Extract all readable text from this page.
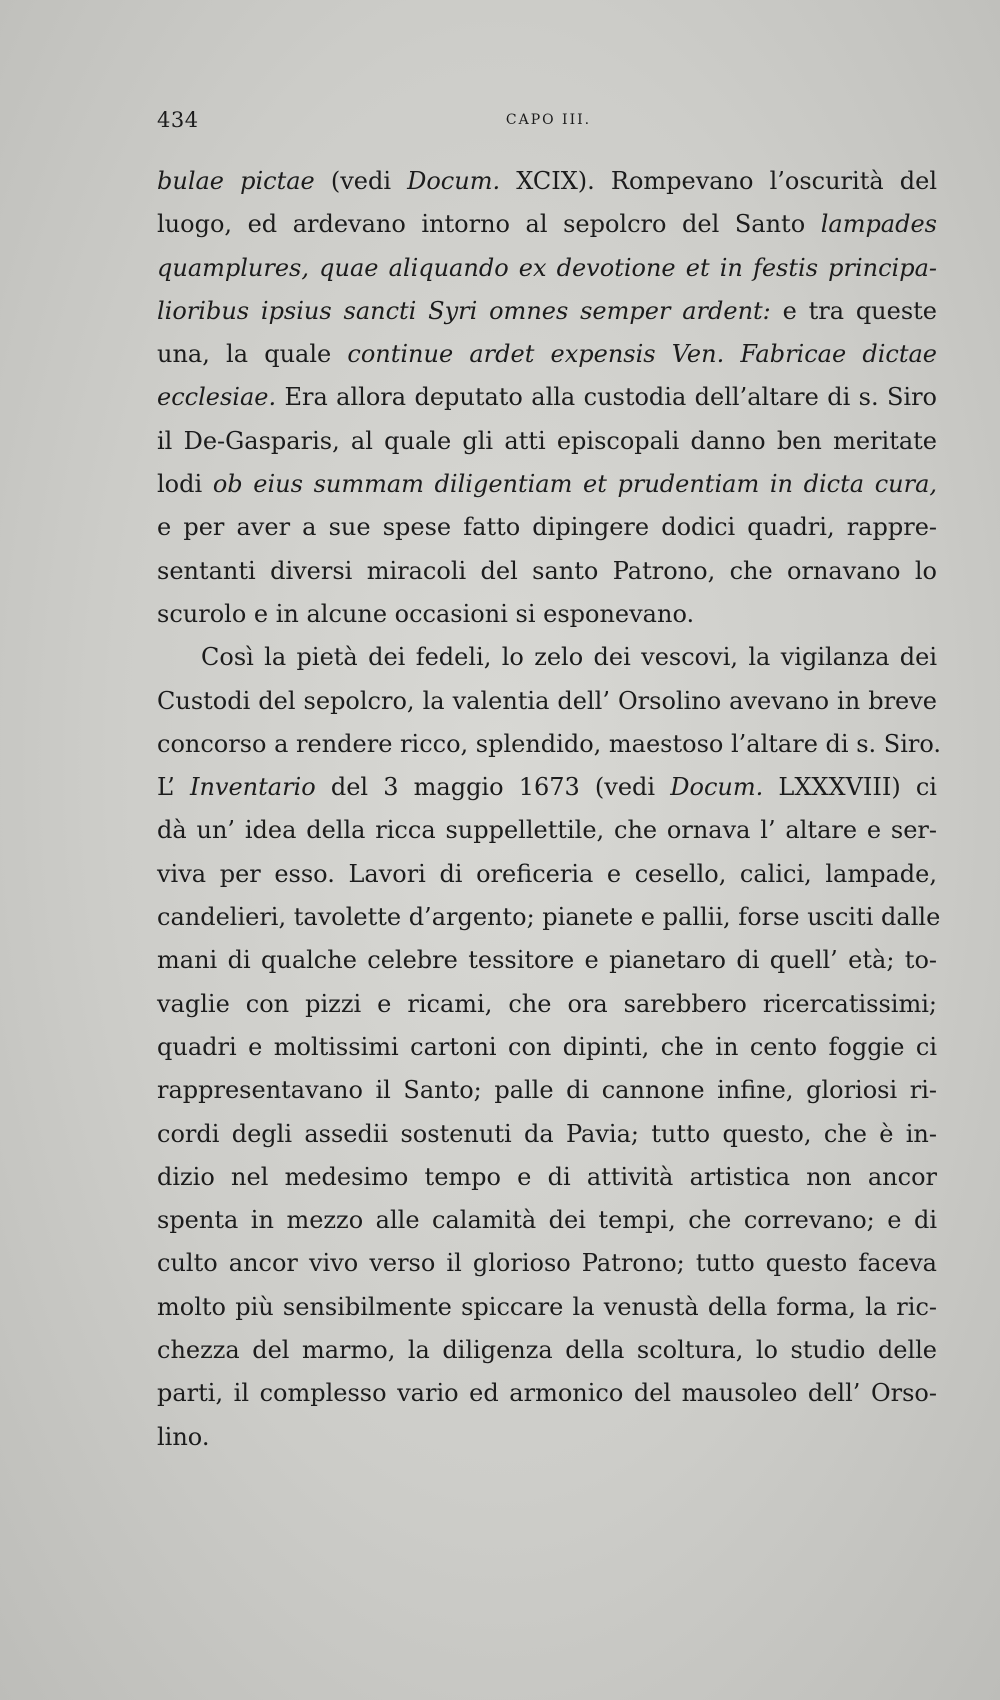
434	CAPO III.
bulae pictae (vedi Docum. XCIX). Rompevano l’oscurità del
luogo, ed ardevano intorno al sepolcro del Santo lampades
quamplures, quae aliquando ex devotione et in festis principa-
lioribus ipsius sancti Syri omnes semper ardent: e tra queste
una, la quale continue ardet expensis Ven. Fabricae dictae
ecclesiae. Era allora deputato alla custodia dell’altare di s. Siro
il De-Gasparis, al quale gli atti episcopali danno ben meritate
lodi ob eius summam diligentiam et prudentiam in dicta cura,
e per aver a sue spese fatto dipingere dodici quadri, rappre-
sentanti diversi miracoli del santo Patrono, che ornavano lo
scurolo e in alcune occasioni si esponevano.
Così la pietà dei fedeli, lo zelo dei vescovi, la vigilanza dei
Custodi del sepolcro, la valentia dell’ Orsolino avevano in breve
concorso a rendere ricco, splendido, maestoso l’altare di s. Siro.
L’ Inventario del 3 maggio 1673 (vedi Docum. LXXXVIII) ci
dà un’ idea della ricca suppellettile, che ornava l’ altare e ser-
viva per esso. Lavori di oreficeria e cesello, calici, lampade,
candelieri, tavolette d’argento; pianete e pallii, forse usciti dalle
mani di qualche celebre tessitore e pianetaro di quell’ età; to-
vaglie con pizzi e ricami, che ora sarebbero ricercatissimi;
quadri e moltissimi cartoni con dipinti, che in cento foggie ci
rappresentavano il Santo; palle di cannone infine, gloriosi ri-
cordi degli assedii sostenuti da Pavia; tutto questo, che è in-
dizio nel medesimo tempo e di attività artistica non ancor
spenta in mezzo alle calamità dei tempi, che correvano; e di
culto ancor vivo verso il glorioso Patrono; tutto questo faceva
molto più sensibilmente spiccare la venustà della forma, la ric-
chezza del marmo, la diligenza della scoltura, lo studio delle
parti, il complesso vario ed armonico del mausoleo dell’ Orso-
lino.
